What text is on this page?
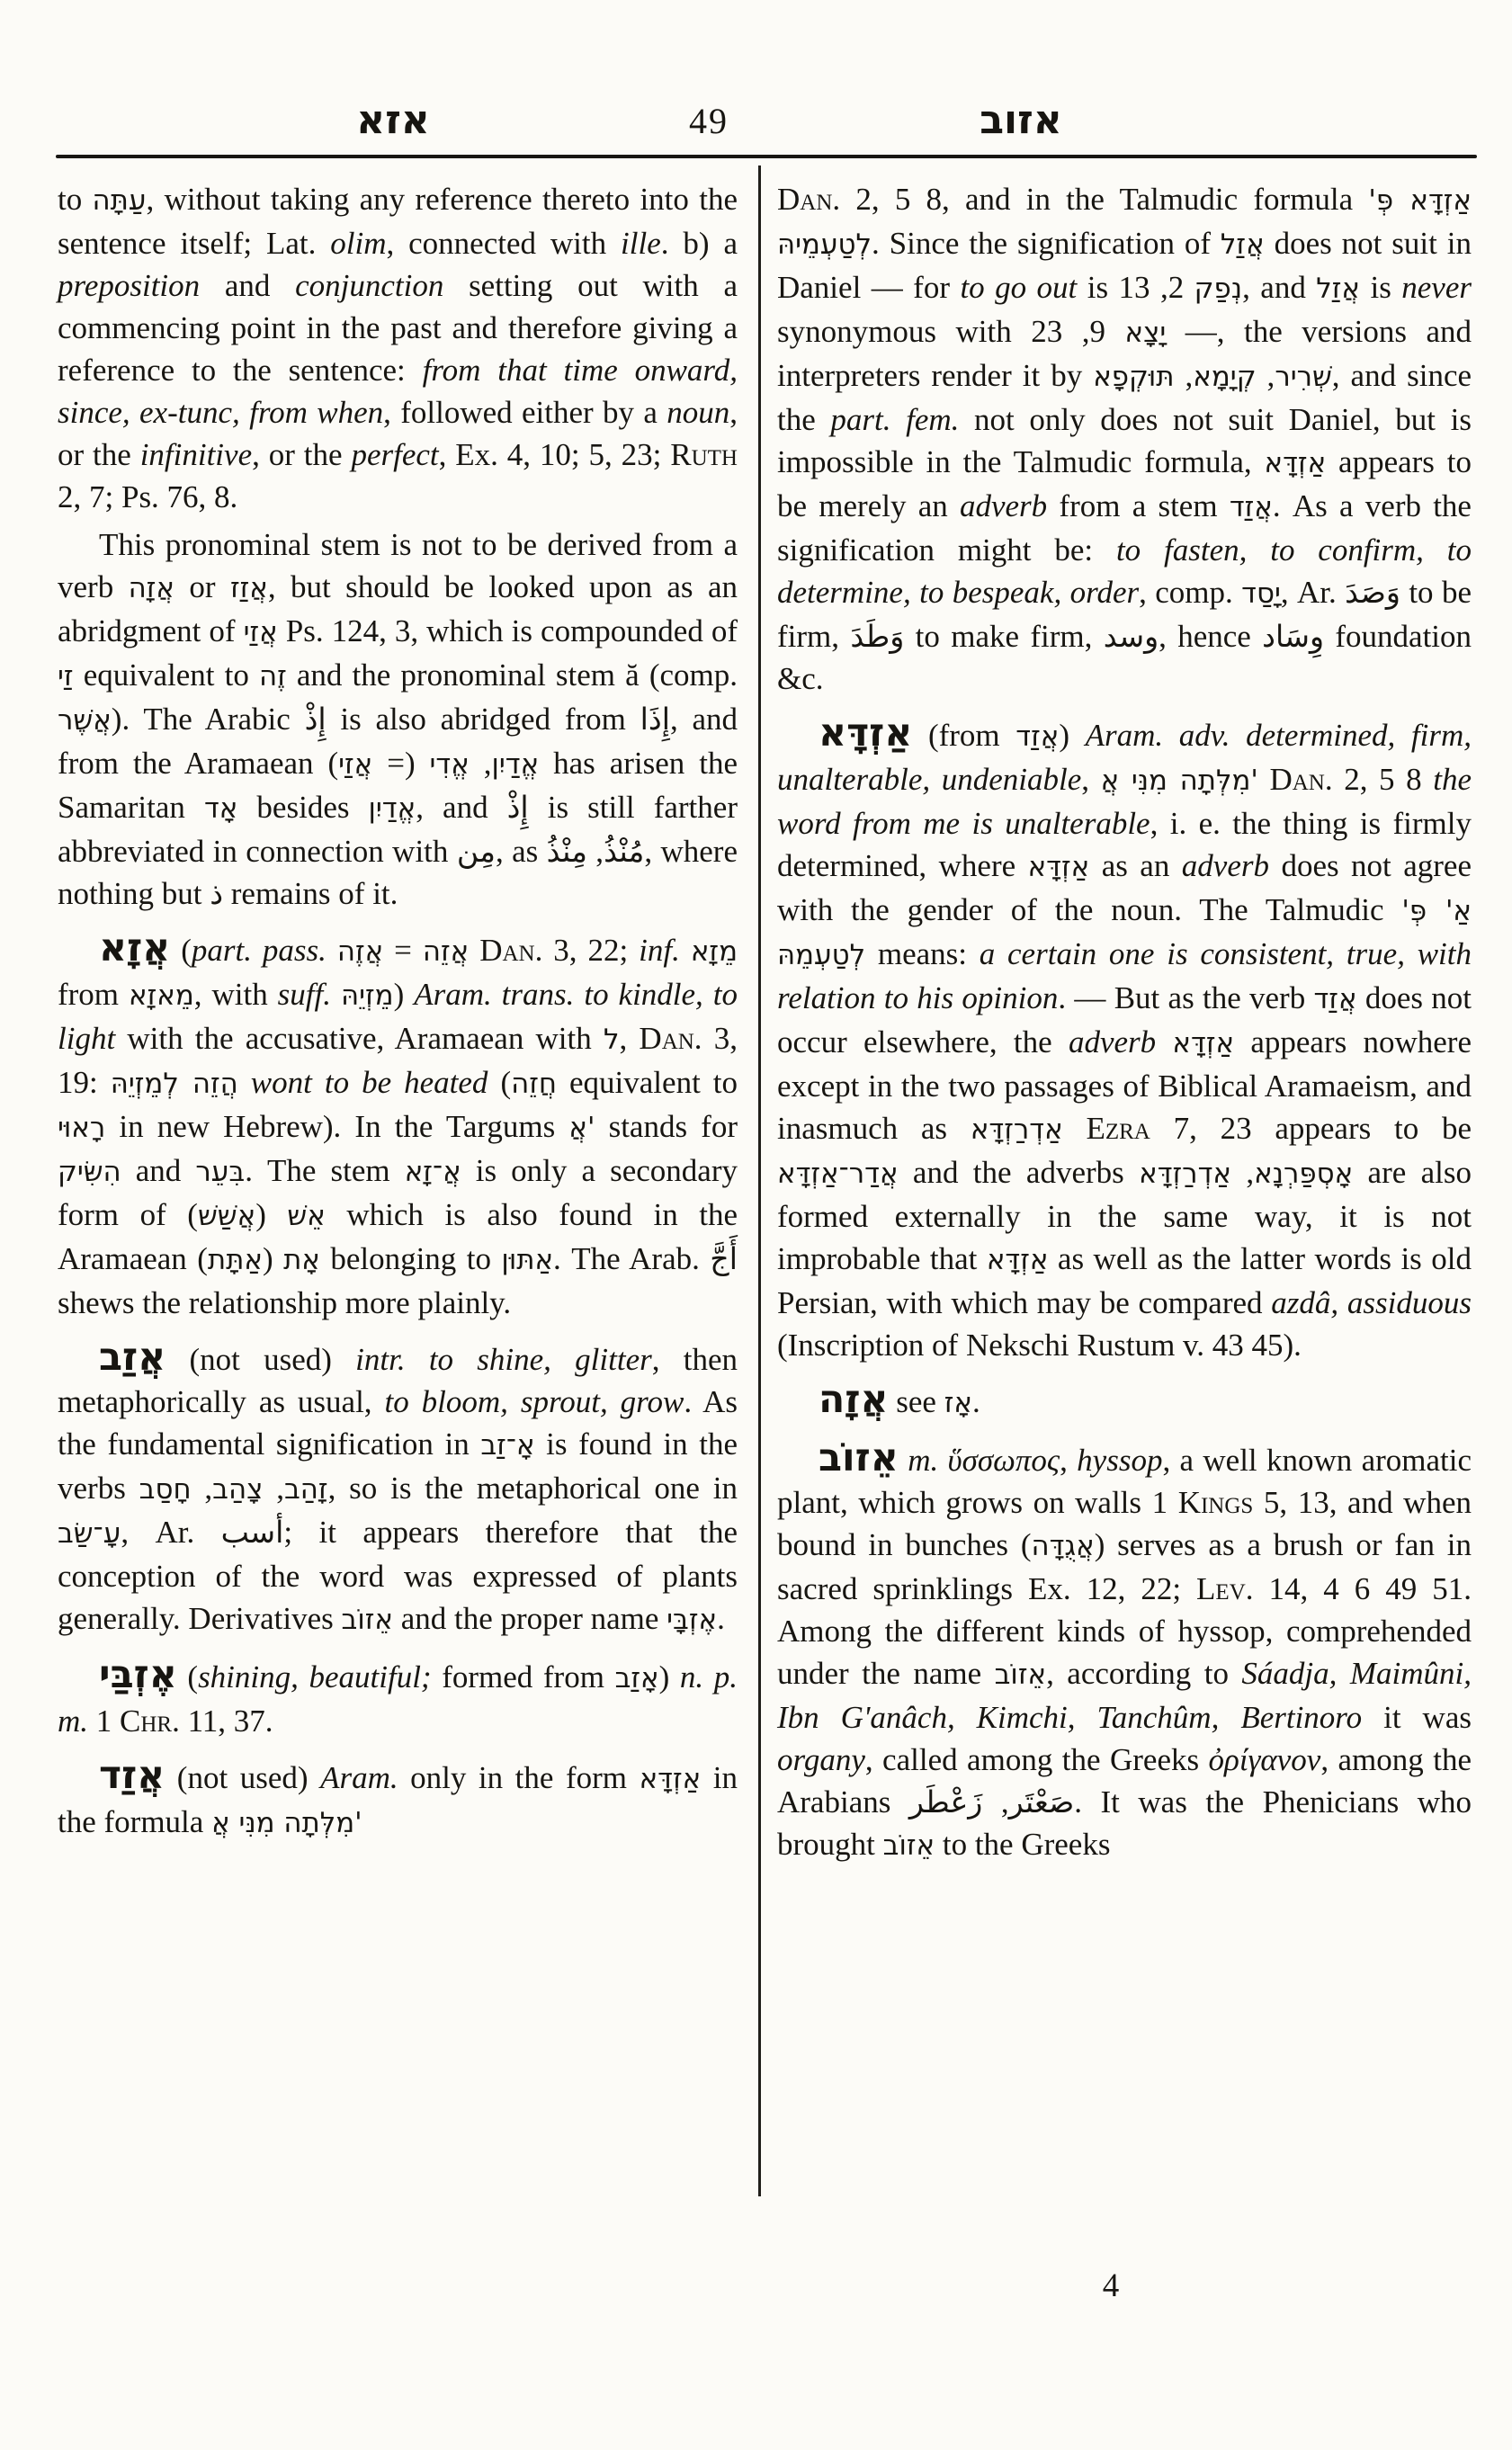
אזא	49	אזוב

to עַתָּה, without taking any reference thereto into the sentence itself; Lat. olim, connected with ille. b) a preposition and conjunction setting out with a commencing point in the past and therefore giving a reference to the sentence: from that time onward, since, ex-tunc, from when, followed either by a noun, or the infinitive, or the perfect, Ex. 4, 10; 5, 23; Ruth 2, 7; Ps. 76, 8.

This pronominal stem is not to be derived from a verb אֲזָה or אֲזַז, but should be looked upon as an abridgment of אֲזַי Ps. 124, 3, which is compounded of זַי equivalent to זֶה and the pronominal stem ă (comp. אֲשֶׁר). The Arabic إِذْ is also abridged from إِذَا, and from the Aramaean	אֱדַיִן, אֱדִי (= אֲזַי) has arisen the Samaritan אָד besides אֱדַיִן, and إِذْ is still farther abbreviated in connection with مِن, as مُنْذُ, مِنْذُ , where nothing but ذ remains of it.

אֲזָא (part. pass.	אֲזֵה = אֲזֶה	Dan. 3, 22; inf. מֵזָא from מֵאזָא, with suff. מֵזְיֵהּ) Aram. trans. to kindle, to light with the accusative, Aramaean with ל, Dan. 3, 19: הֲזֵה לְמֵזְיֵהּ wont to be heated (חֲזֵה equivalent to רָאוּי in new Hebrew). In the Targums אֲ' stands for הִשִּׂיק and בִּעֵר. The stem אֲ־זָא is only a secondary form of	אֵשׁ (אֲשַׁשׁ) which is also found in the Aramaean	אָת (אַתָּת) belonging to אַתּוּן. The Arab. أَجَّ shews the relationship more plainly.

אֲזַב (not used) intr. to shine, glitter, then metaphorically as usual, to bloom, sprout, grow. As the fundamental signification in אָ־זַב is found in the verbs	זָהַב, צָהַב, חָסַב	, so is the metaphorical one in עָ־שַׂב, Ar. أسب; it appears therefore that the conception of the word was expressed of plants generally. Derivatives אֵזוֹב and the proper name אֶזְבָּי.

אֶזְבַּי (shining, beautiful; formed from אָזַב) n. p. m. 1 Chr. 11, 37.

אֲזַד (not used) Aram. only in the form אַזְדָּא in the formula מִלְּתָה מִנִּי אֲ'

Dan. 2, 5 8, and in the Talmudic formula אַזְדָּא פְּ' לְטַעְמֵיהּ. Since the signification of אֲזַל does not suit in Daniel — for to go out is	נְפַק 2, 13, and אֲזַל is never synonymous with	יָצָא 9, 23 —, the versions and interpreters render it by	שְׁרִיר, קְיָמָא, תּוּקְפָא	, and since the part. fem. not only does not suit Daniel, but is impossible in the Talmudic formula, אַזְדָּא appears to be merely an adverb from a stem אֲזַד. As a verb the signification might be: to fasten, to confirm, to determine, to bespeak, order, comp. יָסַד, Ar. وَصَدَ to be firm, وَطَدَ to make firm, وسد, hence وِسَاد foundation &c.

אַזְדָּא (from אֲזַד) Aram. adv. determined, firm, unalterable, undeniable, מִלְּתָה מִנִּי אֲ' Dan. 2, 5 8 the word from me is unalterable, i. e. the thing is firmly determined, where אַזְדָּא as an adverb does not agree with the gender of the noun. The Talmudic אַ' פְּ' לְטַעְמֵהּ means: a certain one is consistent, true, with relation to his opinion. — But as the verb אֲזַד does not occur elsewhere, the adverb אַזְדָּא appears nowhere except in the two passages of Biblical Aramaeism, and inasmuch as אַדְרַזְדָּא Ezra 7, 23 appears to be אֲדַר־אַזְדָּא and the adverbs	אָסְפַּרְנָא, אַדְרַזְדָּא	are also formed externally in the same way, it is not improbable that אַזְדָּא as well as the latter words is old Persian, with which may be compared azdâ, assiduous (Inscription of Nekschi Rustum v. 43 45).

אֲזָה see אָז.

אֵזוֹב m. ὕσσωπος, hyssop, a well known aromatic plant, which grows on walls 1 Kings 5, 13, and when bound in bunches (אֲגֻדָּה) serves as a brush or fan in sacred sprinklings Ex. 12, 22; Lev. 14, 4 6 49 51. Among the different kinds of hyssop, comprehended under the name אֵזוֹב, according to Sáadja, Maimûni, Ibn G'anâch, Kimchi, Tanchûm, Bertinoro it was organy, called among the Greeks ὀρίγανον, among the Arabians	صَعْتَر, زَعْطَر	. It was the Phenicians who brought אֵזוֹב to the Greeks

4
